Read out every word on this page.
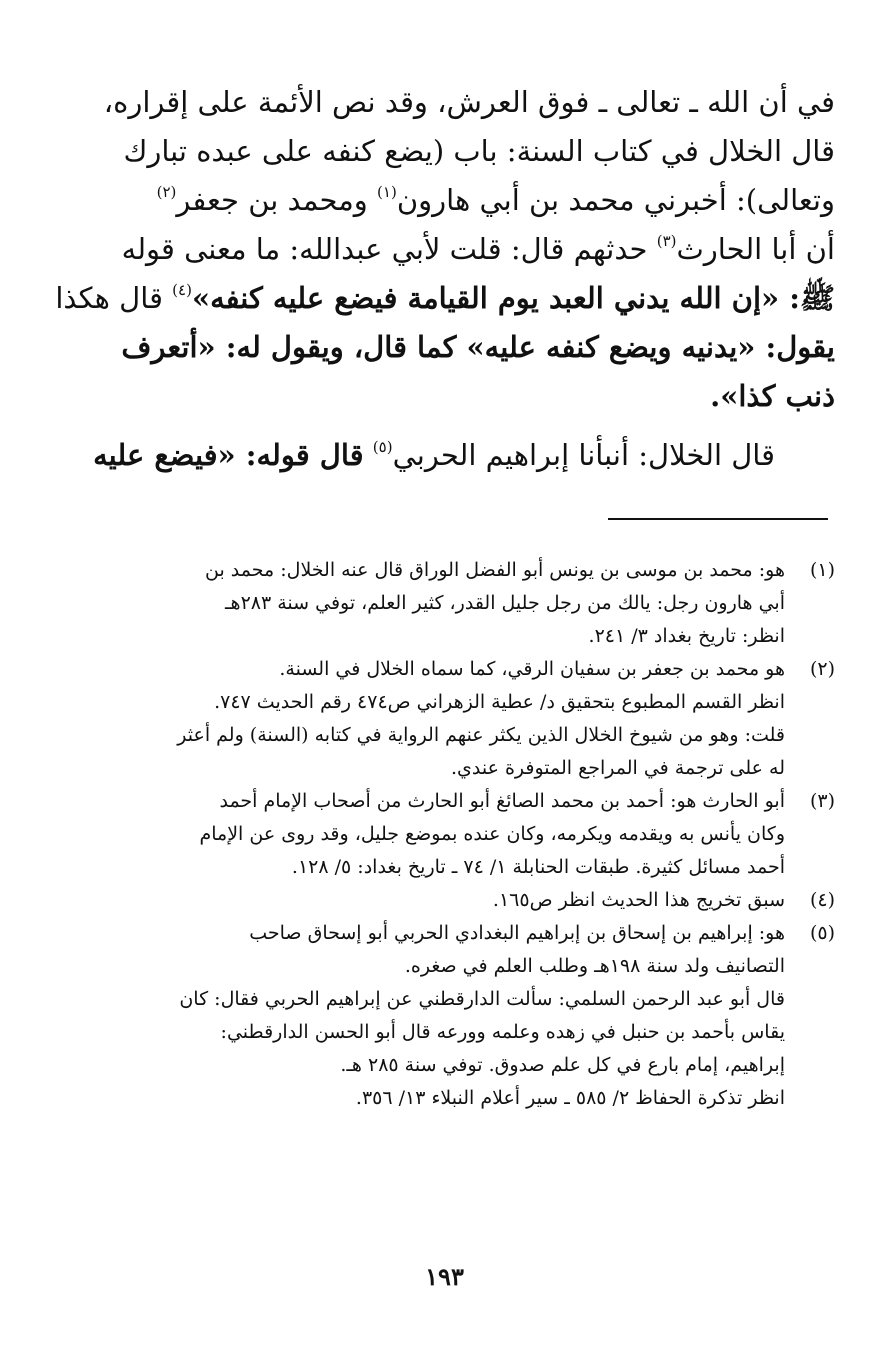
في أن الله ـ تعالى ـ فوق العرش، وقد نص الأئمة على إقراره،
قال الخلال في كتاب السنة: باب (يضع كنفه على عبده تبارك
وتعالى): أخبرني محمد بن أبي هارون$^{(١)}$ ومحمد بن جعفر$^{(٢)}$
أن أبا الحارث$^{(٣)}$ حدثهم قال: قلت لأبي عبدالله: ما معنى قوله
ﷺ: «إن الله يدني العبد يوم القيامة فيضع عليه كنفه»$^{(٤)}$ قال هكذا
يقول: «يدنيه ويضع كنفه عليه» كما قال، ويقول له: «أتعرف
ذنب كذا».
قال الخلال: أنبأنا إبراهيم الحربي$^{(٥)}$ قال قوله: «فيضع عليه
(١)
هو: محمد بن موسى بن يونس أبو الفضل الوراق قال عنه الخلال: محمد بن
أبي هارون رجل: يالك من رجل جليل القدر، كثير العلم، توفي سنة ٢٨٣هـ
انظر: تاريخ بغداد ٣/ ٢٤١.
(٢)
هو محمد بن جعفر بن سفيان الرقي، كما سماه الخلال في السنة.
انظر القسم المطبوع بتحقيق د/ عطية الزهراني ص٤٧٤ رقم الحديث ٧٤٧.
قلت: وهو من شيوخ الخلال الذين يكثر عنهم الرواية في كتابه (السنة) ولم أعثر
له على ترجمة في المراجع المتوفرة عندي.
(٣)
أبو الحارث هو: أحمد بن محمد الصائغ أبو الحارث من أصحاب الإمام أحمد
وكان يأنس به ويقدمه ويكرمه، وكان عنده بموضع جليل، وقد روى عن الإمام
أحمد مسائل كثيرة. طبقات الحنابلة ١/ ٧٤ ـ تاريخ بغداد: ٥/ ١٢٨.
(٤)
سبق تخريج هذا الحديث انظر ص١٦٥.
(٥)
هو: إبراهيم بن إسحاق بن إبراهيم البغدادي الحربي أبو إسحاق صاحب
التصانيف ولد سنة ١٩٨هـ وطلب العلم في صغره.
قال أبو عبد الرحمن السلمي: سألت الدارقطني عن إبراهيم الحربي فقال: كان
يقاس بأحمد بن حنبل في زهده وعلمه وورعه قال أبو الحسن الدارقطني:
إبراهيم، إمام بارع في كل علم صدوق. توفي سنة ٢٨٥ هـ.
انظر تذكرة الحفاظ ٢/ ٥٨٥ ـ سير أعلام النبلاء ١٣/ ٣٥٦.
١٩٣
